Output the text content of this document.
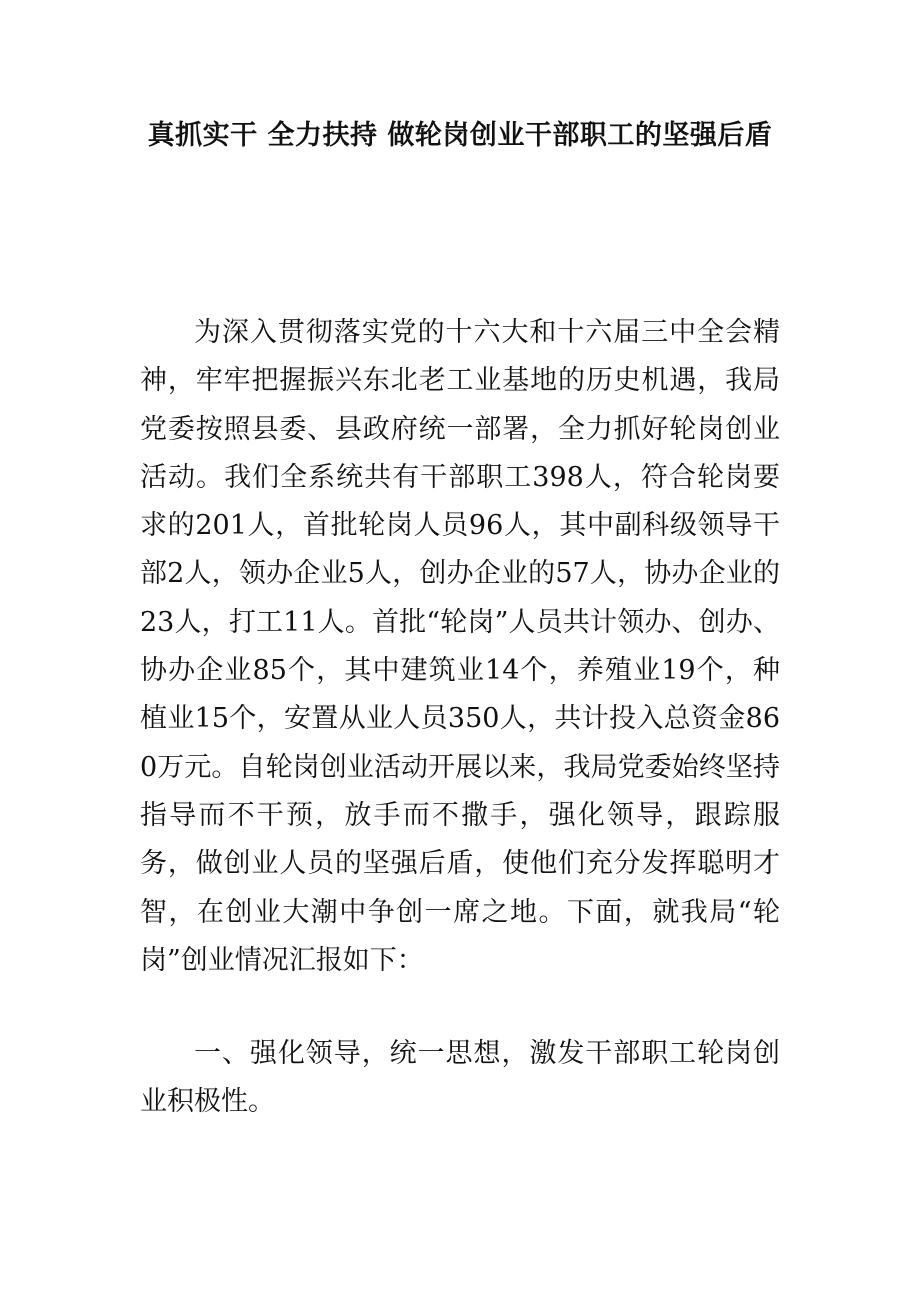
真抓实干 全力扶持 做轮岗创业干部职工的坚强后盾

为深入贯彻落实党的十六大和十六届三中全会精神，牢牢把握振兴东北老工业基地的历史机遇，我局党委按照县委、县政府统一部署，全力抓好轮岗创业活动。我们全系统共有干部职工398人，符合轮岗要求的201人，首批轮岗人员96人，其中副科级领导干部2人，领办企业5人，创办企业的57人，协办企业的23人，打工11人。首批“轮岗”人员共计领办、创办、协办企业85个，其中建筑业14个，养殖业19个，种植业15个，安置从业人员350人，共计投入总资金860万元。自轮岗创业活动开展以来，我局党委始终坚持指导而不干预，放手而不撒手，强化领导，跟踪服务，做创业人员的坚强后盾，使他们充分发挥聪明才智，在创业大潮中争创一席之地。下面，就我局“轮岗”创业情况汇报如下：

一、强化领导，统一思想，激发干部职工轮岗创业积极性。
